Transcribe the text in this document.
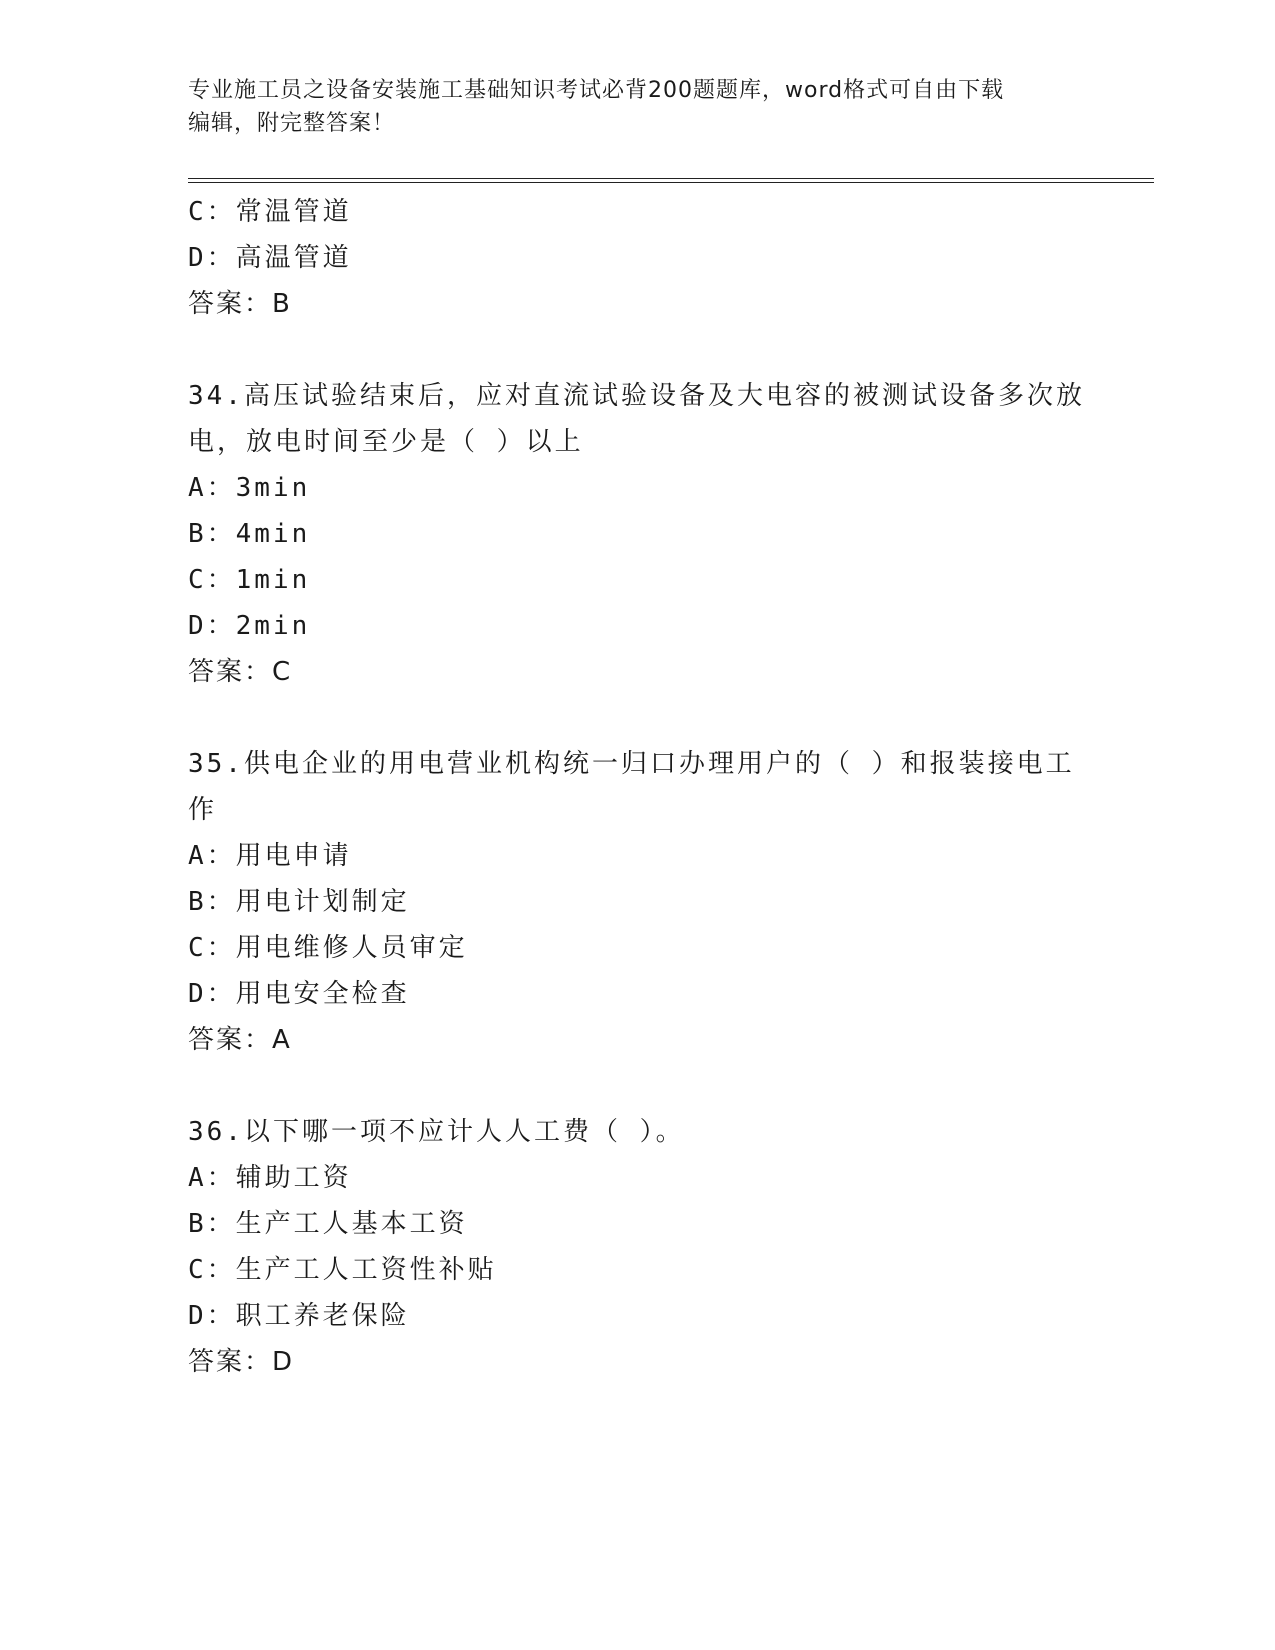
专业施工员之设备安装施工基础知识考试必背200题题库，word格式可自由下载
编辑，附完整答案！
C：常温管道
D：高温管道
答案：B
34.高压试验结束后，应对直流试验设备及大电容的被测试设备多次放
电，放电时间至少是（ ）以上
A：3min
B：4min
C：1min
D：2min
答案：C
35.供电企业的用电营业机构统一归口办理用户的（ ）和报装接电工
作
A：用电申请
B：用电计划制定
C：用电维修人员审定
D：用电安全检查
答案：A
36.以下哪一项不应计人人工费（ ）。
A：辅助工资
B：生产工人基本工资
C：生产工人工资性补贴
D：职工养老保险
答案：D
